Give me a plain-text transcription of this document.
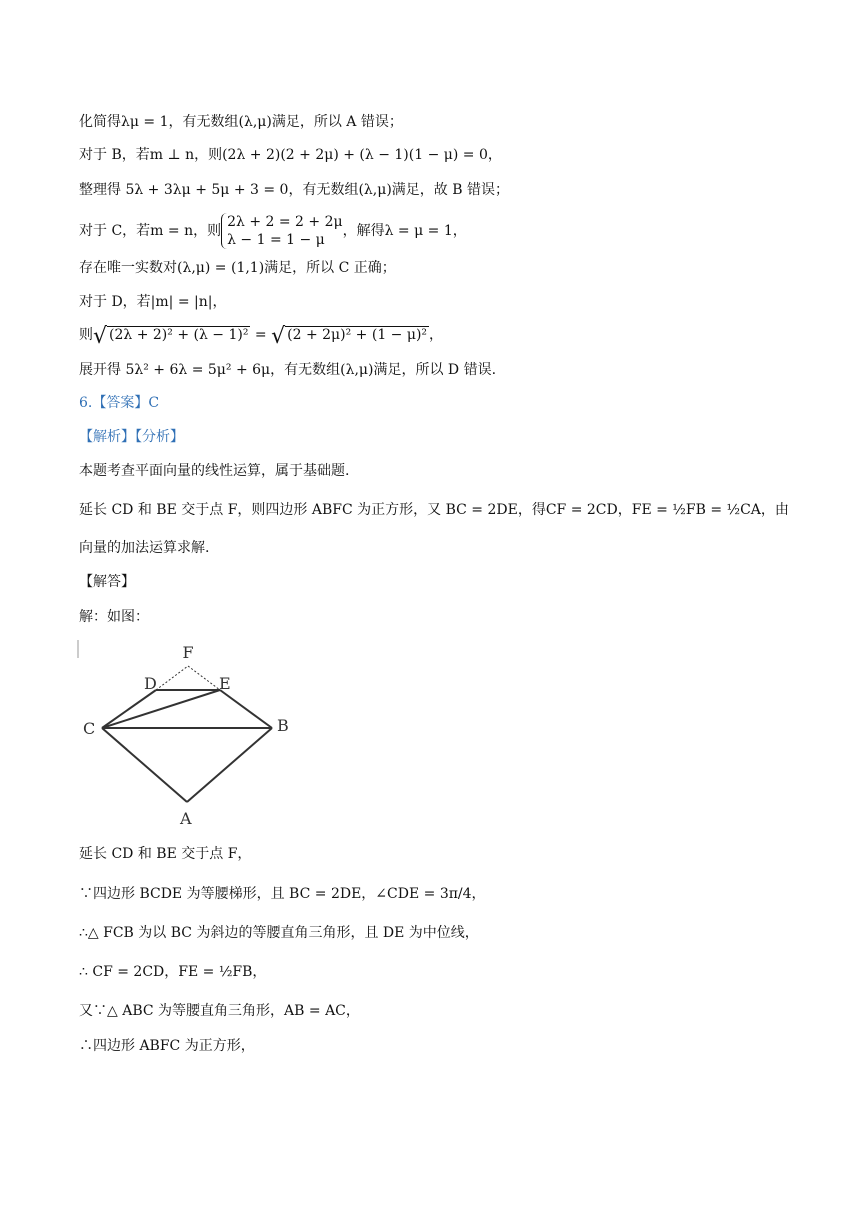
化简得λμ = 1，有无数组(λ,μ)满足，所以 A 错误；
对于 B，若m ⊥ n，则(2λ + 2)(2 + 2μ) + (λ − 1)(1 − μ) = 0，
整理得 5λ + 3λμ + 5μ + 3 = 0，有无数组(λ,μ)满足，故 B 错误；
对于 C，若m = n，则
2λ + 2 = 2 + 2μ
λ − 1 = 1 − μ
，解得λ = μ = 1，
存在唯一实数对(λ,μ) = (1,1)满足，所以 C 正确；
对于 D，若|m| = |n|，
则√ (2λ + 2)² + (λ − 1)² = √ (2 + 2μ)² + (1 − μ)² ，
展开得 5λ² + 6λ = 5μ² + 6μ，有无数组(λ,μ)满足，所以 D 错误.
6.【答案】C
【解析】【分析】
本题考查平面向量的线性运算，属于基础题.
延长 CD 和 BE 交于点 F，则四边形 ABFC 为正方形，又 BC = 2DE，得CF = 2CD，FE = ½FB = ½CA，由
向量的加法运算求解.
【解答】
解：如图：
F
D	E
C	B
A
延长 CD 和 BE 交于点 F，
∵四边形 BCDE 为等腰梯形，且 BC = 2DE，∠CDE = 3π/4，
∴△ FCB 为以 BC 为斜边的等腰直角三角形，且 DE 为中位线，
∴ CF = 2CD，FE = ½FB，
又∵△ ABC 为等腰直角三角形，AB = AC，
∴四边形 ABFC 为正方形，
